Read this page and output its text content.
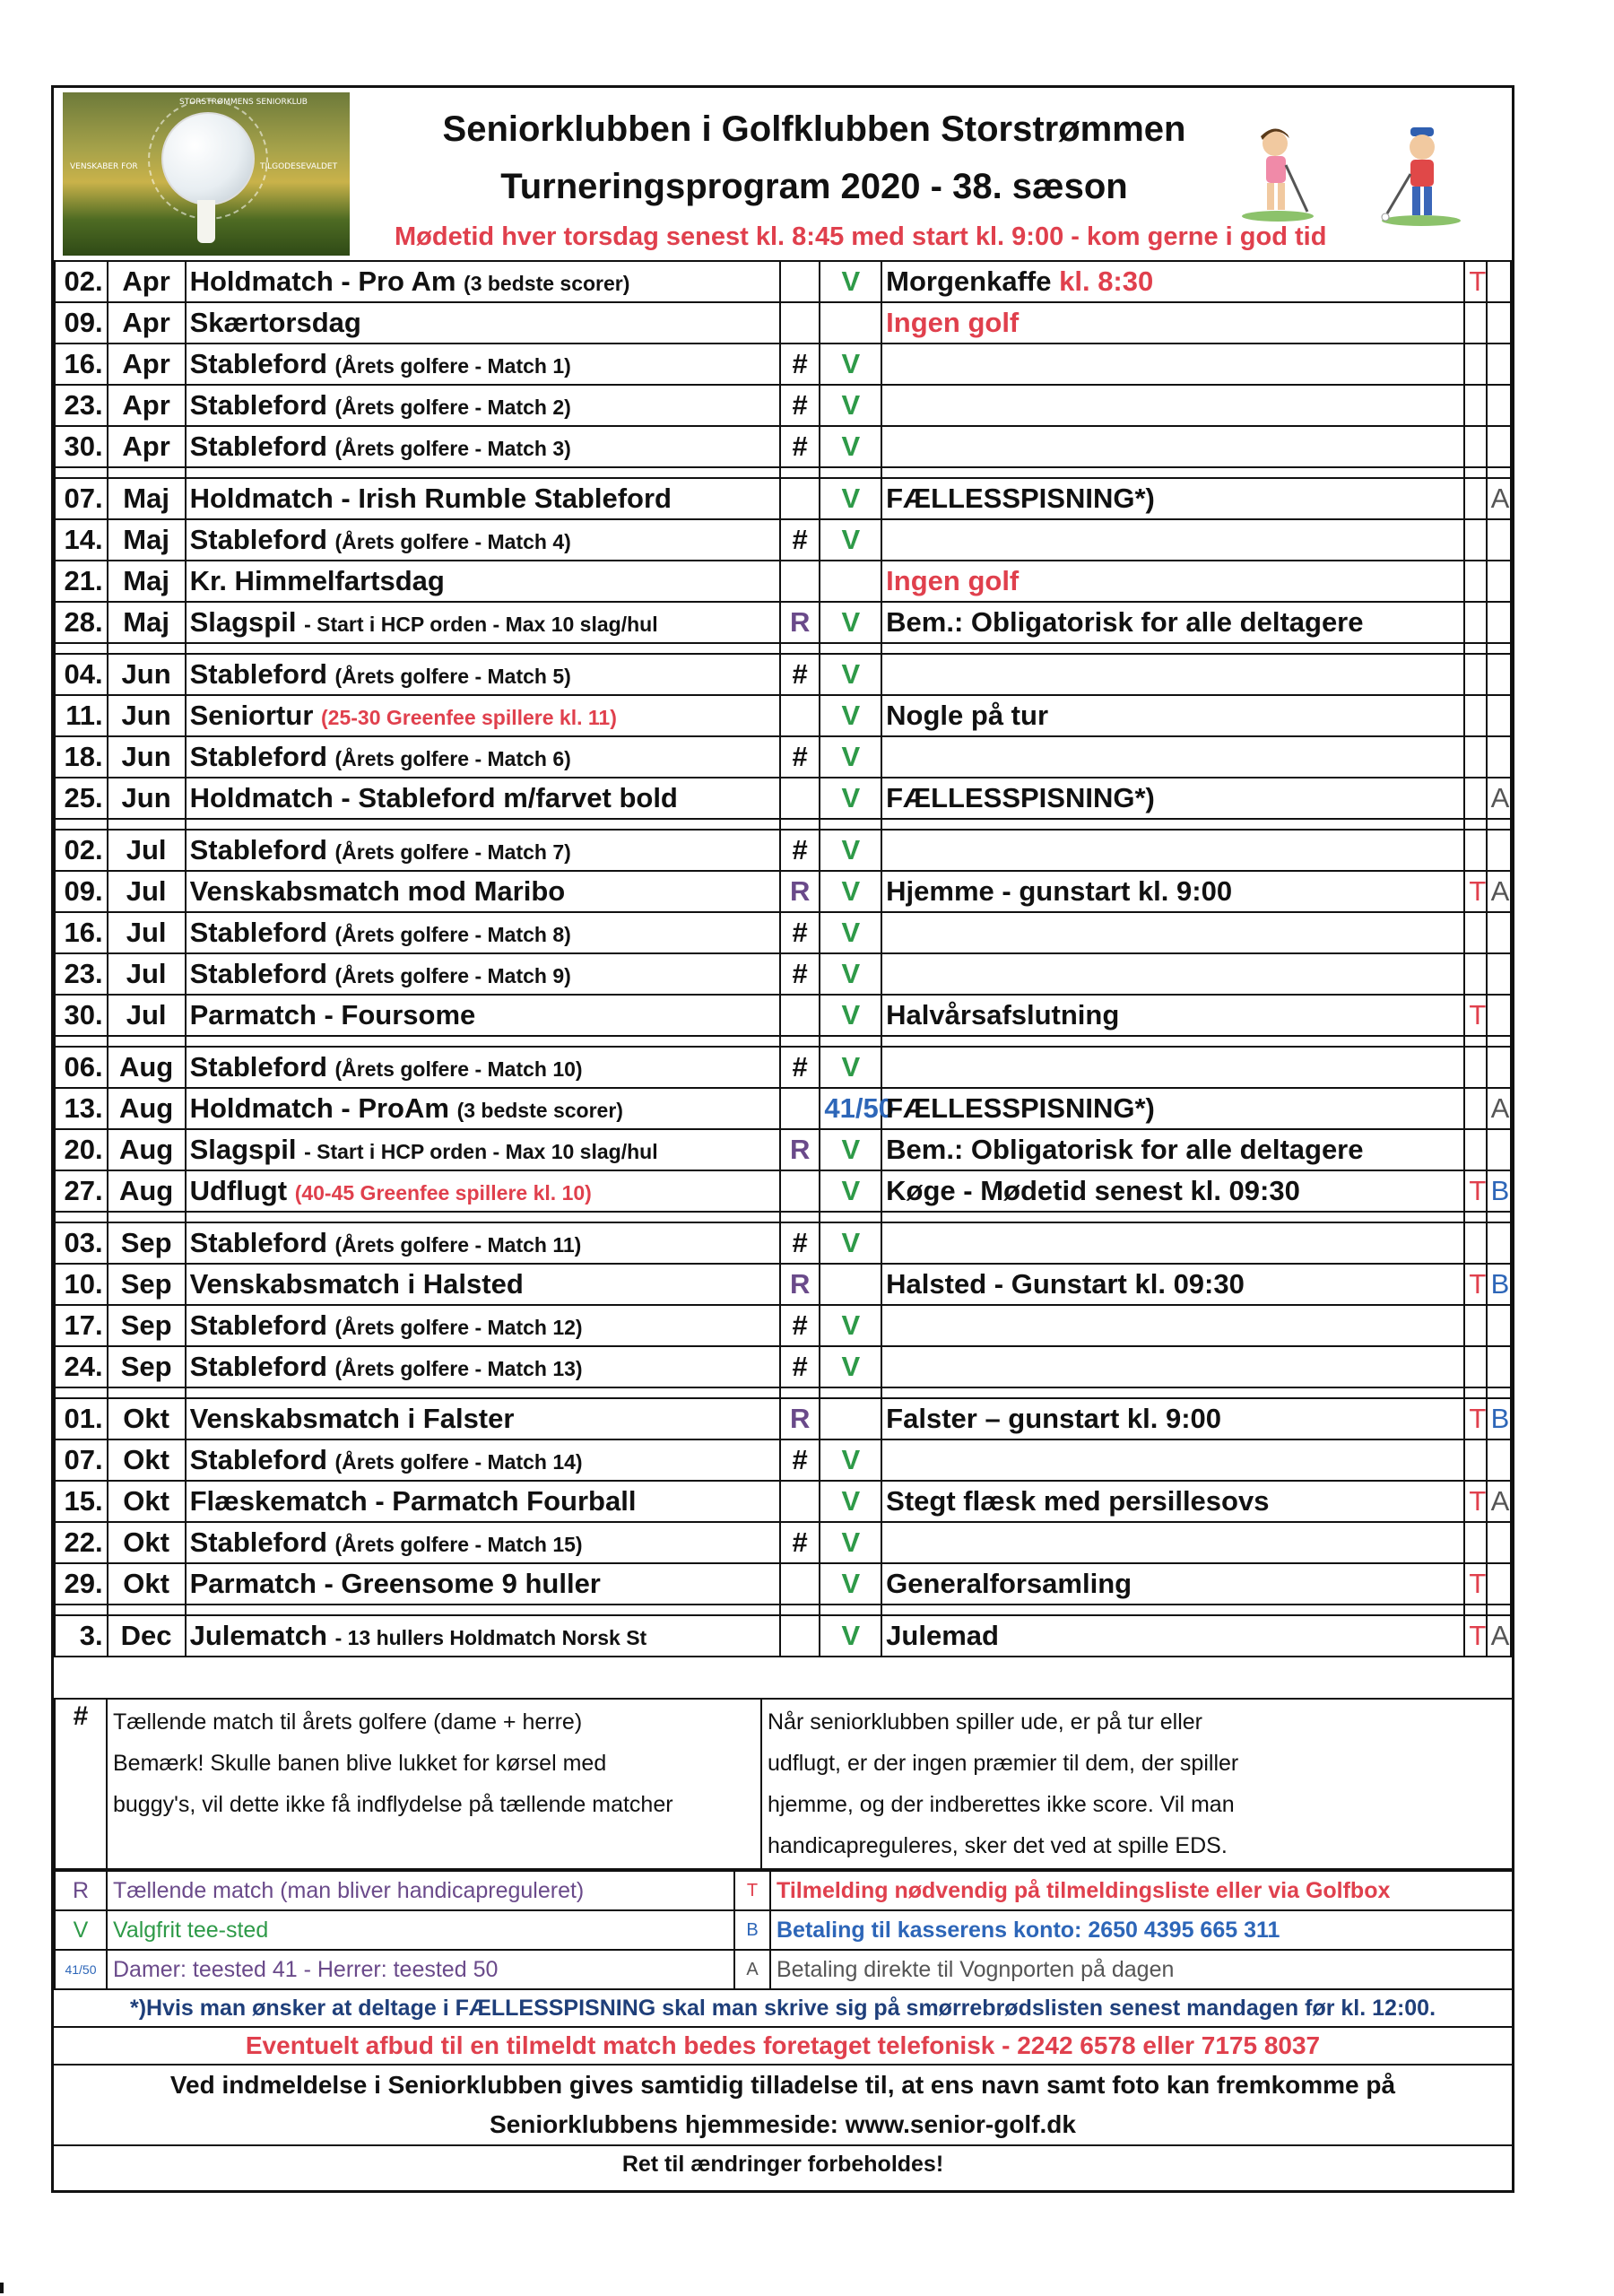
VENSKABER FOR	TILGODESEVALDET
STORSTRØMMENS SENIORKLUB
Seniorklubben i Golfklubben Storstrømmen
Turneringsprogram 2020 - 38. sæson
Mødetid hver torsdag senest kl. 8:45 med start kl. 9:00 - kom gerne i god tid
02.	Apr	Holdmatch - Pro Am (3 bedste scorer)		V	Morgenkaffe kl. 8:30	T	
09.	Apr	Skærtorsdag			Ingen golf		
16.	Apr	Stableford (Årets golfere - Match 1)	#	V			
23.	Apr	Stableford (Årets golfere - Match 2)	#	V			
30.	Apr	Stableford (Årets golfere - Match 3)	#	V			

07.	Maj	Holdmatch - Irish Rumble Stableford		V	FÆLLESSPISNING*)		A
14.	Maj	Stableford (Årets golfere - Match 4)	#	V			
21.	Maj	Kr. Himmelfartsdag			Ingen golf		
28.	Maj	Slagspil - Start i HCP orden - Max 10 slag/hul	R	V	Bem.: Obligatorisk for alle deltagere		

04.	Jun	Stableford (Årets golfere - Match 5)	#	V			
11.	Jun	Seniortur (25-30 Greenfee spillere kl. 11)		V	Nogle på tur		
18.	Jun	Stableford (Årets golfere - Match 6)	#	V			
25.	Jun	Holdmatch - Stableford m/farvet bold		V	FÆLLESSPISNING*)		A

02.	Jul	Stableford (Årets golfere - Match 7)	#	V			
09.	Jul	Venskabsmatch mod Maribo	R	V	Hjemme - gunstart kl. 9:00	T	A
16.	Jul	Stableford (Årets golfere - Match 8)	#	V			
23.	Jul	Stableford (Årets golfere - Match 9)	#	V			
30.	Jul	Parmatch - Foursome		V	Halvårsafslutning	T	

06.	Aug	Stableford (Årets golfere - Match 10)	#	V			
13.	Aug	Holdmatch - ProAm (3 bedste scorer)		41/50	FÆLLESSPISNING*)		A
20.	Aug	Slagspil - Start i HCP orden - Max 10 slag/hul	R	V	Bem.: Obligatorisk for alle deltagere		
27.	Aug	Udflugt (40-45 Greenfee spillere kl. 10)		V	Køge - Mødetid senest kl. 09:30	T	B

03.	Sep	Stableford (Årets golfere - Match 11)	#	V			
10.	Sep	Venskabsmatch i Halsted	R		Halsted - Gunstart kl. 09:30	T	B
17.	Sep	Stableford (Årets golfere - Match 12)	#	V			
24.	Sep	Stableford (Årets golfere - Match 13)	#	V			

01.	Okt	Venskabsmatch i Falster	R		Falster – gunstart kl. 9:00	T	B
07.	Okt	Stableford (Årets golfere - Match 14)	#	V			
15.	Okt	Flæskematch - Parmatch Fourball		V	Stegt flæsk med persillesovs	T	A
22.	Okt	Stableford (Årets golfere - Match 15)	#	V			
29.	Okt	Parmatch - Greensome 9 huller		V	Generalforsamling	T	

3.	Dec	Julematch - 13 hullers Holdmatch Norsk St		V	Julemad	T	A
#	Tællende match til årets golfere (dame + herre)
Bemærk! Skulle banen blive lukket for kørsel med
buggy's, vil dette ikke få indflydelse på tællende matcher

Når seniorklubben spiller ude, er på tur eller
udflugt, er der ingen præmier til dem, der spiller
hjemme, og der indberettes ikke score. Vil man
handicapreguleres, sker det ved at spille EDS.
R	Tællende match (man bliver handicapreguleret)	T	Tilmelding nødvendig på tilmeldingsliste eller via Golfbox
V	Valgfrit tee-sted	B	Betaling til kasserens konto: 2650 4395 665 311
41/50	Damer: teested 41 - Herrer: teested 50	A	Betaling direkte til Vognporten på dagen
*)Hvis man ønsker at deltage i FÆLLESSPISNING skal man skrive sig på smørrebrødslisten senest mandagen før kl. 12:00.
Eventuelt afbud til en tilmeldt match bedes foretaget telefonisk - 2242 6578 eller 7175 8037
Ved indmeldelse i Seniorklubben gives samtidig tilladelse til, at ens navn samt foto kan fremkomme på
Seniorklubbens hjemmeside: www.senior-golf.dk
Ret til ændringer forbeholdes!
